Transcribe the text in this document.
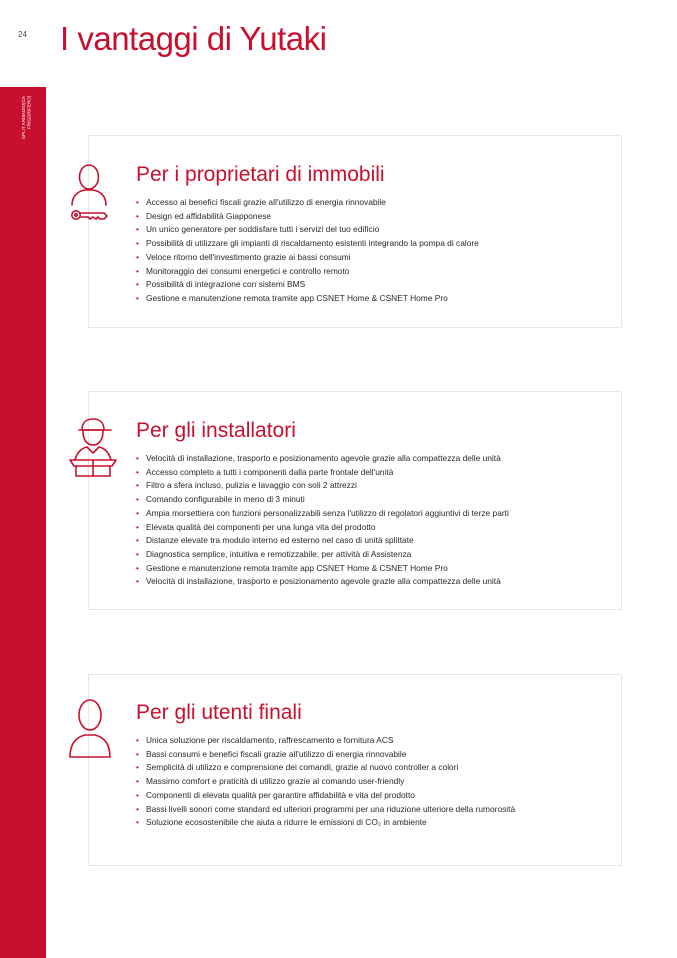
24 I vantaggi di Yutaki
SPLIT ARMADIO(CA FRIGORIFERO)
Per i proprietari di immobili
• Accesso ai benefici fiscali grazie all'utilizzo di energia rinnovabile
• Design ed affidabilità Giapponese
• Un unico generatore per soddisfare tutti i servizi del tuo edificio
• Possibilità di utilizzare gli impianti di riscaldamento esistenti integrando la pompa di calore
• Veloce ritorno dell'investimento grazie ai bassi consumi
• Monitoraggio dei consumi energetici e controllo remoto
• Possibilità di integrazione con sistemi BMS
• Gestione e manutenzione remota tramite app CSNET Home & CSNET Home Pro
Per gli installatori
• Velocità di installazione, trasporto e posizionamento agevole grazie alla compattezza delle unità
• Accesso completo a tutti i componenti dalla parte frontale dell'unità
• Filtro a sfera incluso, pulizia e lavaggio con soli 2 attrezzi
• Comando configurabile in meno di 3 minuti
• Ampia morsettiera con funzioni personalizzabili senza l'utilizzo di regolatori aggiuntivi di terze parti
• Elevata qualità dei componenti per una lunga vita del prodotto
• Distanze elevate tra modulo interno ed esterno nel caso di unità splittate
• Diagnostica semplice, intuitiva e remotizzabile, per attività di Assistenza
• Gestione e manutenzione remota tramite app CSNET Home & CSNET Home Pro
• Velocità di installazione, trasporto e posizionamento agevole grazie alla compattezza delle unità
Per gli utenti finali
• Unica soluzione per riscaldamento, raffrescamento e fornitura ACS
• Bassi consumi e benefici fiscali grazie all'utilizzo di energia rinnovabile
• Semplicità di utilizzo e comprensione dei comandi, grazie al nuovo controller a colori
• Massimo comfort e praticità di utilizzo grazie al comando user-friendly
• Componenti di elevata qualità per garantire affidabilità e vita del prodotto
• Bassi livelli sonori come standard ed ulteriori programmi per una riduzione ulteriore della rumorosità
• Soluzione ecosostenibile che aiuta a ridurre le emissioni di CO₂ in ambiente
